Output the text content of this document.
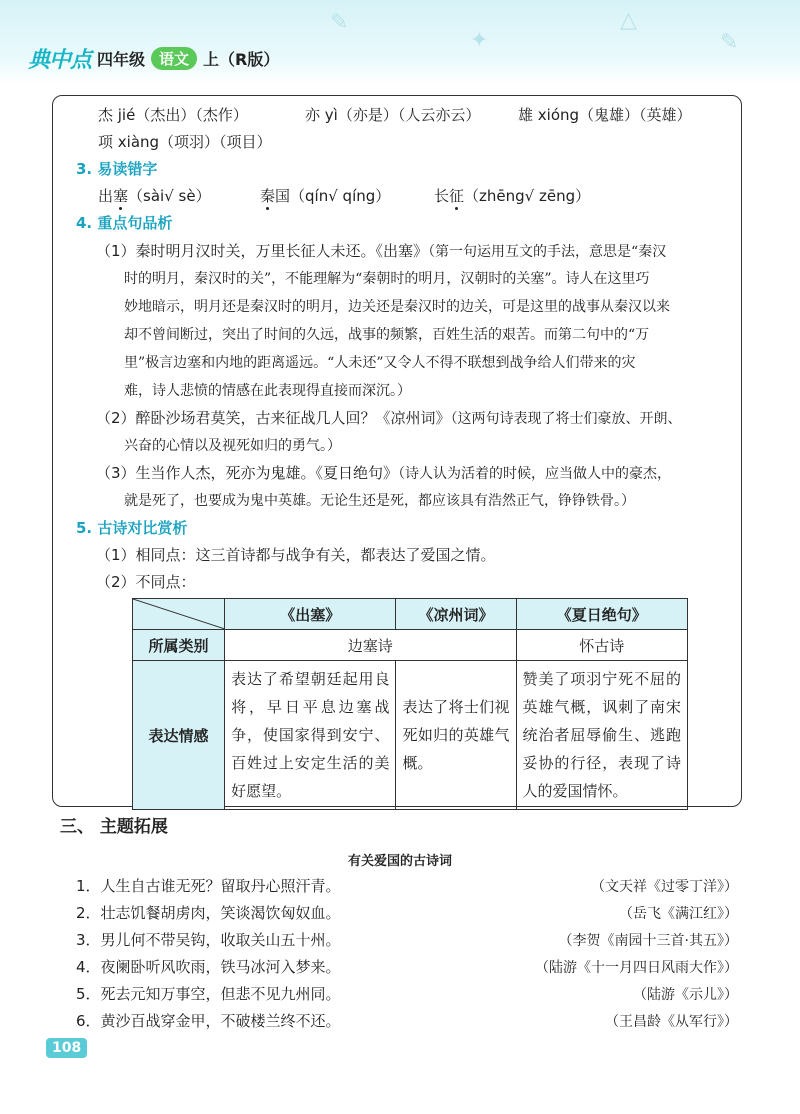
✎
✦
△
✎
典中点 四年级 语文 上（R版）
杰 jié（杰出）（杰作）	亦 yì（亦是）（人云亦云）	雄 xióng（鬼雄）（英雄）
项 xiàng（项羽）（项目）
3. 易读错字
出塞（sài√ sè）	秦国（qín√ qíng）	长征（zhēng√ zēng）
4. 重点句品析
（1）秦时明月汉时关，万里长征人未还。《出塞》（第一句运用互文的手法，意思是“秦汉
时的明月，秦汉时的关”，不能理解为“秦朝时的明月，汉朝时的关塞”。诗人在这里巧
妙地暗示，明月还是秦汉时的明月，边关还是秦汉时的边关，可是这里的战事从秦汉以来
却不曾间断过，突出了时间的久远，战事的频繁，百姓生活的艰苦。而第二句中的“万
里”极言边塞和内地的距离遥远。“人未还”又令人不得不联想到战争给人们带来的灾
难，诗人悲愤的情感在此表现得直接而深沉。）
（2）醉卧沙场君莫笑，古来征战几人回？《凉州词》（这两句诗表现了将士们豪放、开朗、
兴奋的心情以及视死如归的勇气。）
（3）生当作人杰，死亦为鬼雄。《夏日绝句》（诗人认为活着的时候，应当做人中的豪杰，
就是死了，也要成为鬼中英雄。无论生还是死，都应该具有浩然正气，铮铮铁骨。）
5. 古诗对比赏析
（1）相同点：这三首诗都与战争有关，都表达了爱国之情。
（2）不同点：
	《出塞》	《凉州词》	《夏日绝句》
所属类别	边塞诗		怀古诗
表达情感	表达了希望朝廷起用良将，早日平息边塞战争，使国家得到安宁、百姓过上安定生活的美好愿望。	表达了将士们视死如归的英雄气概。	赞美了项羽宁死不屈的英雄气概，讽刺了南宋统治者屈辱偷生、逃跑妥协的行径，表现了诗人的爱国情怀。
三、 主题拓展
有关爱国的古诗词
1．人生自古谁无死？留取丹心照汗青。	（文天祥《过零丁洋》）
2．壮志饥餐胡虏肉，笑谈渴饮匈奴血。	（岳飞《满江红》）
3．男儿何不带吴钩，收取关山五十州。	（李贺《南园十三首·其五》）
4．夜阑卧听风吹雨，铁马冰河入梦来。	（陆游《十一月四日风雨大作》）
5．死去元知万事空，但悲不见九州同。	（陆游《示儿》）
6．黄沙百战穿金甲，不破楼兰终不还。	（王昌龄《从军行》）
108
